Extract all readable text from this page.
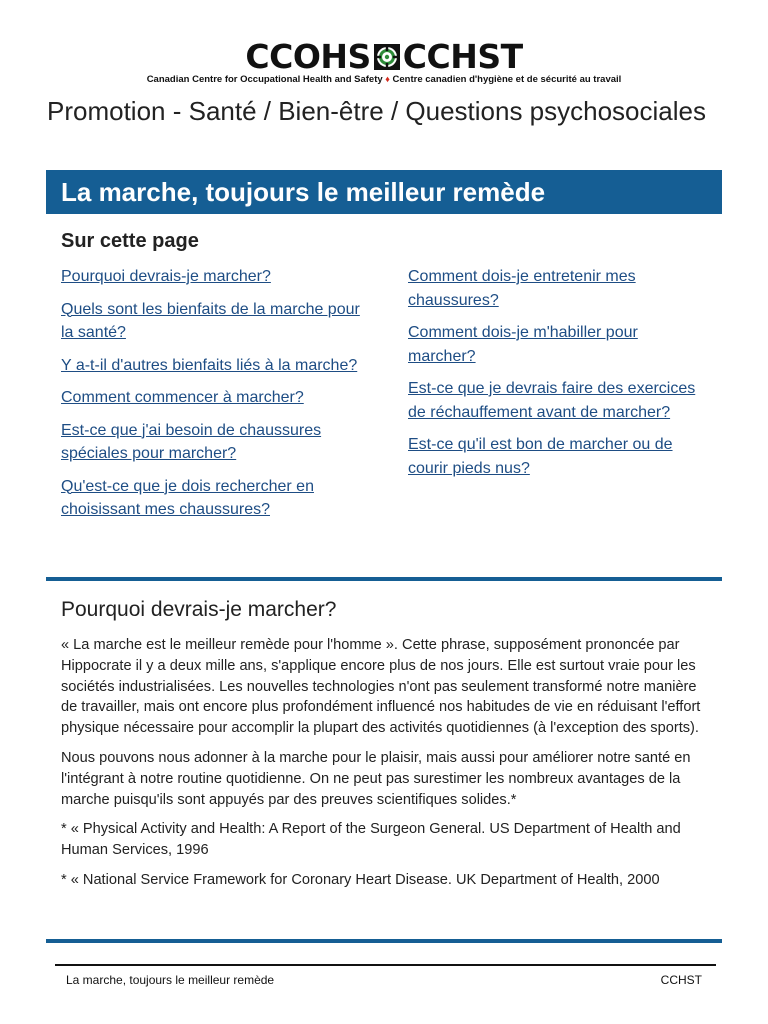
CCOHS CCHST
Canadian Centre for Occupational Health and Safety ♦ Centre canadien d'hygiène et de sécurité au travail
Promotion - Santé / Bien-être / Questions psychosociales
La marche, toujours le meilleur remède
Sur cette page
Pourquoi devrais-je marcher?
Quels sont les bienfaits de la marche pour la santé?
Y a-t-il d'autres bienfaits liés à la marche?
Comment commencer à marcher?
Est-ce que j'ai besoin de chaussures spéciales pour marcher?
Qu'est-ce que je dois rechercher en choisissant mes chaussures?
Comment dois-je entretenir mes chaussures?
Comment dois-je m'habiller pour marcher?
Est-ce que je devrais faire des exercices de réchauffement avant de marcher?
Est-ce qu'il est bon de marcher ou de courir pieds nus?
Pourquoi devrais-je marcher?

« La marche est le meilleur remède pour l'homme ». Cette phrase, supposément prononcée par Hippocrate il y a deux mille ans, s'applique encore plus de nos jours. Elle est surtout vraie pour les sociétés industrialisées. Les nouvelles technologies n'ont pas seulement transformé notre manière de travailler, mais ont encore plus profondément influencé nos habitudes de vie en réduisant l'effort physique nécessaire pour accomplir la plupart des activités quotidiennes (à l'exception des sports).

Nous pouvons nous adonner à la marche pour le plaisir, mais aussi pour améliorer notre santé en l'intégrant à notre routine quotidienne. On ne peut pas surestimer les nombreux avantages de la marche puisqu'ils sont appuyés par des preuves scientifiques solides.*

* « Physical Activity and Health: A Report of the Surgeon General. US Department of Health and Human Services, 1996

* « National Service Framework for Coronary Heart Disease. UK Department of Health, 2000

La marche, toujours le meilleur remède	CCHST
